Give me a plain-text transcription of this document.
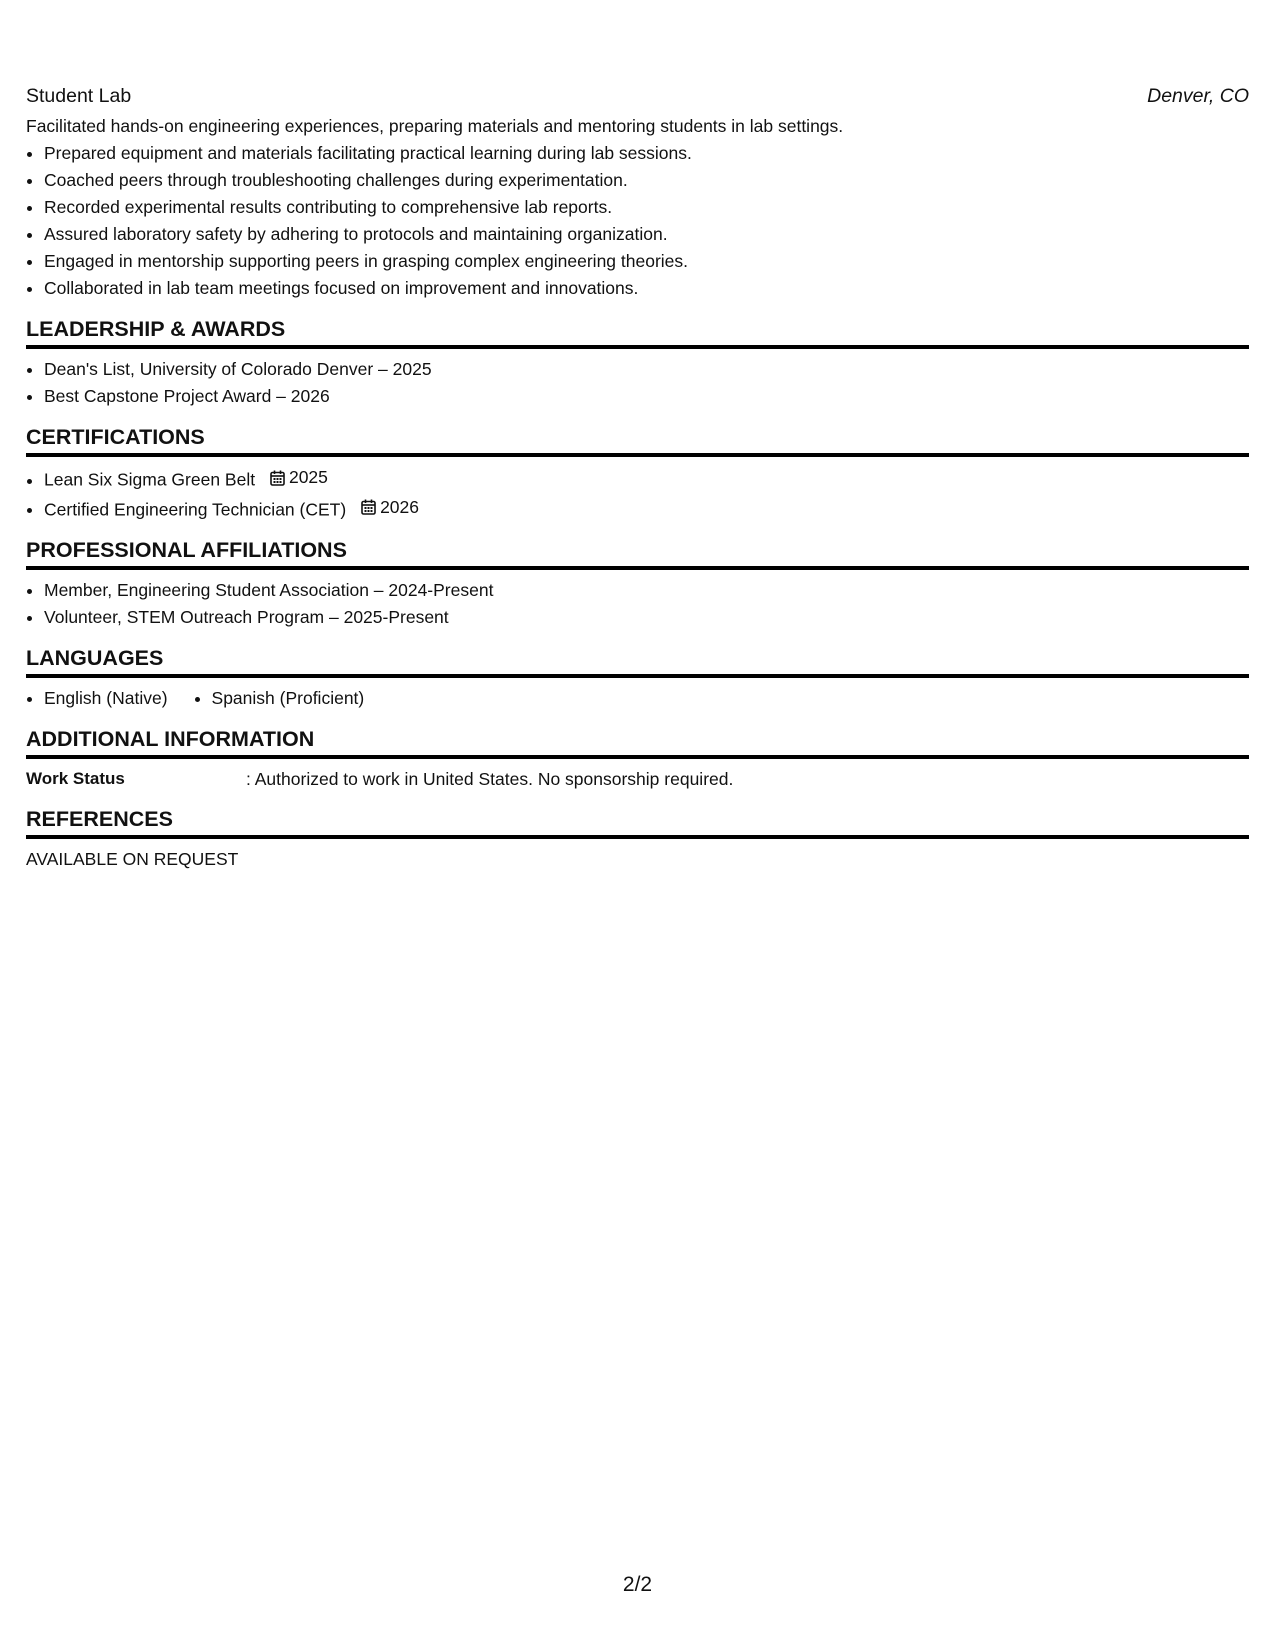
Student Lab	Denver, CO
Facilitated hands-on engineering experiences, preparing materials and mentoring students in lab settings.
• Prepared equipment and materials facilitating practical learning during lab sessions.
• Coached peers through troubleshooting challenges during experimentation.
• Recorded experimental results contributing to comprehensive lab reports.
• Assured laboratory safety by adhering to protocols and maintaining organization.
• Engaged in mentorship supporting peers in grasping complex engineering theories.
• Collaborated in lab team meetings focused on improvement and innovations.
LEADERSHIP & AWARDS
• Dean's List, University of Colorado Denver – 2025
• Best Capstone Project Award – 2026
CERTIFICATIONS
• Lean Six Sigma Green Belt 2025
• Certified Engineering Technician (CET) 2026
PROFESSIONAL AFFILIATIONS
• Member, Engineering Student Association – 2024-Present
• Volunteer, STEM Outreach Program – 2025-Present
LANGUAGES
English (Native)	Spanish (Proficient)
ADDITIONAL INFORMATION
Work Status	: Authorized to work in United States. No sponsorship required.
REFERENCES
AVAILABLE ON REQUEST
2/2
